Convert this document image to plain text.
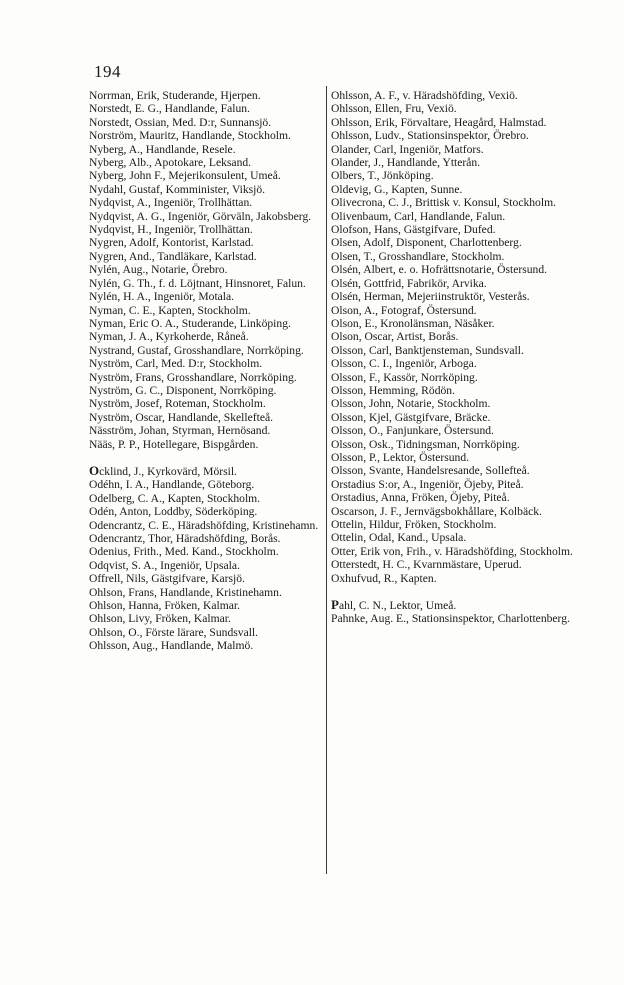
194

Norrman, Erik, Studerande, Hjerpen.

Norstedt, E. G., Handlande, Falun.

Norstedt, Ossian, Med. D:r, Sunnansjö.

Norström, Mauritz, Handlande, Stockholm.

Nyberg, A., Handlande, Resele.

Nyberg, Alb., Apotokare, Leksand.

Nyberg, John F., Mejerikonsulent, Umeå.

Nydahl, Gustaf, Komminister, Viksjö.

Nydqvist, A., Ingeniör, Trollhättan.

Nydqvist, A. G., Ingeniör, Görväln, Jakobsberg.

Nydqvist, H., Ingeniör, Trollhättan.

Nygren, Adolf, Kontorist, Karlstad.

Nygren, And., Tandläkare, Karlstad.

Nylén, Aug., Notarie, Örebro.

Nylén, G. Th., f. d. Löjtnant, Hinsnoret, Falun.

Nylén, H. A., Ingeniör, Motala.

Nyman, C. E., Kapten, Stockholm.

Nyman, Eric O. A., Studerande, Linköping.

Nyman, J. A., Kyrkoherde, Råneå.

Nystrand, Gustaf, Grosshandlare, Norrköping.

Nyström, Carl, Med. D:r, Stockholm.

Nyström, Frans, Grosshandlare, Norrköping.

Nyström, G. C., Disponent, Norrköping.

Nyström, Josef, Roteman, Stockholm.

Nyström, Oscar, Handlande, Skellefteå.

Näsström, Johan, Styrman, Hernösand.

Nääs, P. P., Hotellegare, Bispgården.

Ocklind, J., Kyrkovärd, Mörsil.

Odéhn, I. A., Handlande, Göteborg.

Odelberg, C. A., Kapten, Stockholm.

Odén, Anton, Loddby, Söderköping.

Odencrantz, C. E., Häradshöfding, Kristinehamn.

Odencrantz, Thor, Häradshöfding, Borås.

Odenius, Frith., Med. Kand., Stockholm.

Odqvist, S. A., Ingeniör, Upsala.

Offrell, Nils, Gästgifvare, Karsjö.

Ohlson, Frans, Handlande, Kristinehamn.

Ohlson, Hanna, Fröken, Kalmar.

Ohlson, Livy, Fröken, Kalmar.

Ohlson, O., Förste lärare, Sundsvall.

Ohlsson, Aug., Handlande, Malmö.

Ohlsson, A. F., v. Häradshöfding, Vexiö.

Ohlsson, Ellen, Fru, Vexiö.

Ohlsson, Erik, Förvaltare, Heagård, Halmstad.

Ohlsson, Ludv., Stationsinspektor, Örebro.

Olander, Carl, Ingeniör, Matfors.

Olander, J., Handlande, Ytterån.

Olbers, T., Jönköping.

Oldevig, G., Kapten, Sunne.

Olivecrona, C. J., Brittisk v. Konsul, Stockholm.

Olivenbaum, Carl, Handlande, Falun.

Olofson, Hans, Gästgifvare, Dufed.

Olsen, Adolf, Disponent, Charlottenberg.

Olsen, T., Grosshandlare, Stockholm.

Olsén, Albert, e. o. Hofrättsnotarie, Östersund.

Olsén, Gottfrid, Fabrikör, Arvika.

Olsén, Herman, Mejeriinstruktör, Vesterås.

Olson, A., Fotograf, Östersund.

Olson, E., Kronolänsman, Näsåker.

Olson, Oscar, Artist, Borås.

Olsson, Carl, Banktjensteman, Sundsvall.

Olsson, C. I., Ingeniör, Arboga.

Olsson, F., Kassör, Norrköping.

Olsson, Hemming, Rödön.

Olsson, John, Notarie, Stockholm.

Olsson, Kjel, Gästgifvare, Bräcke.

Olsson, O., Fanjunkare, Östersund.

Olsson, Osk., Tidningsman, Norrköping.

Olsson, P., Lektor, Östersund.

Olsson, Svante, Handelsresande, Sollefteå.

Orstadius S:or, A., Ingeniör, Öjeby, Piteå.

Orstadius, Anna, Fröken, Öjeby, Piteå.

Oscarson, J. F., Jernvägsbokhållare, Kolbäck.

Ottelin, Hildur, Fröken, Stockholm.

Ottelin, Odal, Kand., Upsala.

Otter, Erik von, Frih., v. Häradshöfding, Stockholm.

Otterstedt, H. C., Kvarnmästare, Uperud.

Oxhufvud, R., Kapten.

Pahl, C. N., Lektor, Umeå.

Pahnke, Aug. E., Stationsinspektor, Charlottenberg.
